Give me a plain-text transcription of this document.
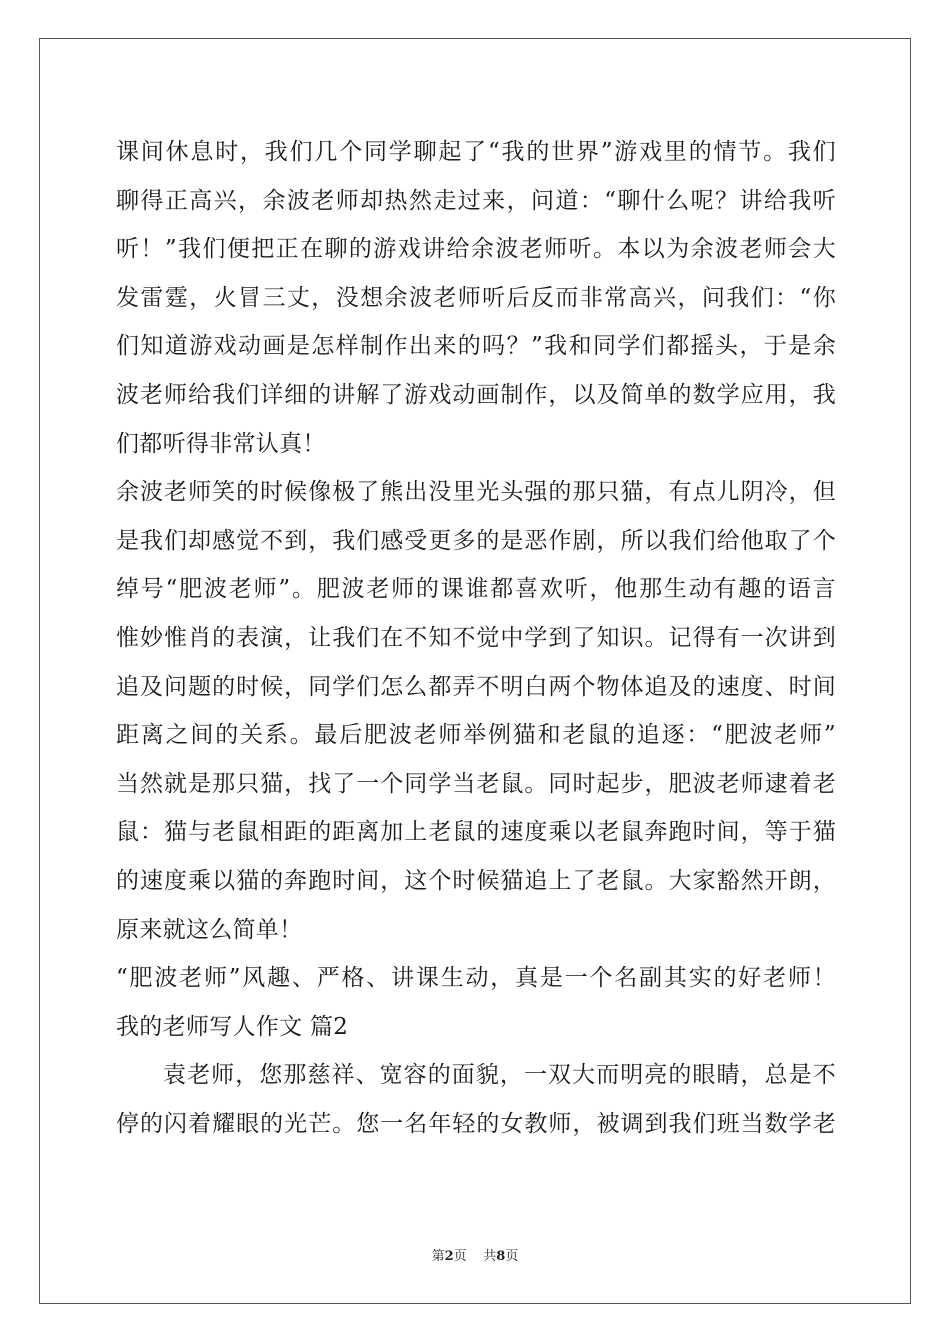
课间休息时，我们几个同学聊起了“我的世界”游戏里的情节。我们
聊得正高兴，余波老师却热然走过来，问道：“聊什么呢？讲给我听
听！”我们便把正在聊的游戏讲给余波老师听。本以为余波老师会大
发雷霆，火冒三丈，没想余波老师听后反而非常高兴，问我们：“你
们知道游戏动画是怎样制作出来的吗？”我和同学们都摇头，于是余
波老师给我们详细的讲解了游戏动画制作，以及简单的数学应用，我
们都听得非常认真！
余波老师笑的时候像极了熊出没里光头强的那只猫，有点儿阴冷，但
是我们却感觉不到，我们感受更多的是恶作剧，所以我们给他取了个
绰号“肥波老师”。肥波老师的课谁都喜欢听，他那生动有趣的语言
惟妙惟肖的表演，让我们在不知不觉中学到了知识。记得有一次讲到
追及问题的时候，同学们怎么都弄不明白两个物体追及的速度、时间
距离之间的关系。最后肥波老师举例猫和老鼠的追逐：“肥波老师”
当然就是那只猫，找了一个同学当老鼠。同时起步，肥波老师逮着老
鼠：猫与老鼠相距的距离加上老鼠的速度乘以老鼠奔跑时间，等于猫
的速度乘以猫的奔跑时间，这个时候猫追上了老鼠。大家豁然开朗，
原来就这么简单！
“肥波老师”风趣、严格、讲课生动，真是一个名副其实的好老师！
我的老师写人作文 篇2
袁老师，您那慈祥、宽容的面貌，一双大而明亮的眼睛，总是不
停的闪着耀眼的光芒。您一名年轻的女教师，被调到我们班当数学老
第2页 共8页
